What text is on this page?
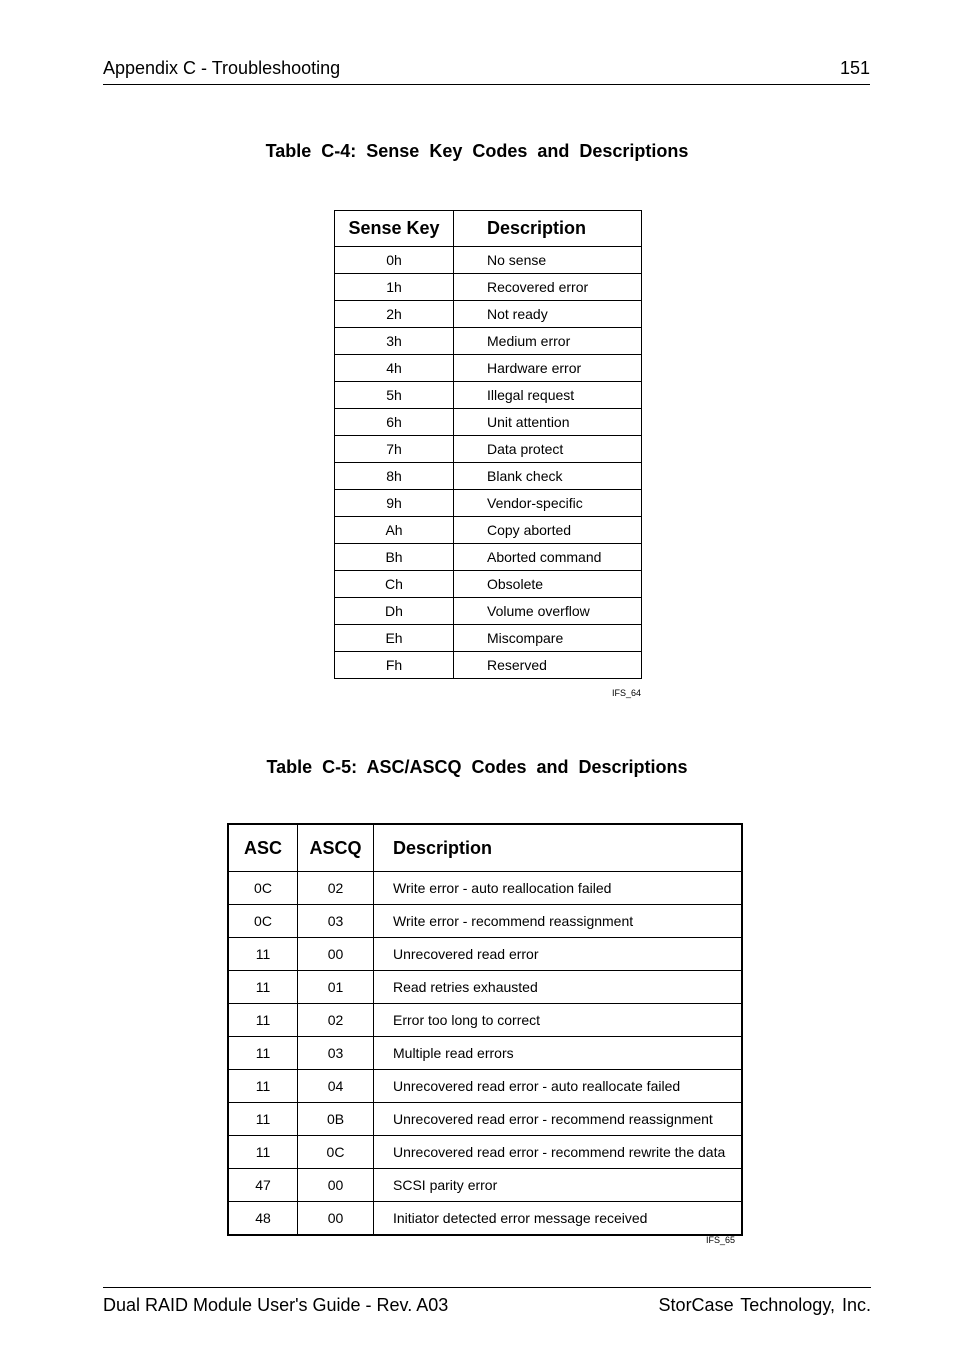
Appendix C - Troubleshooting	151
Table C-4: Sense Key Codes and Descriptions
Sense Key	Description
0h	No sense
1h	Recovered error
2h	Not ready
3h	Medium error
4h	Hardware error
5h	Illegal request
6h	Unit attention
7h	Data protect
8h	Blank check
9h	Vendor-specific
Ah	Copy aborted
Bh	Aborted command
Ch	Obsolete
Dh	Volume overflow
Eh	Miscompare
Fh	Reserved
IFS_64
Table C-5: ASC/ASCQ Codes and Descriptions
ASC	ASCQ	Description
0C	02	Write error - auto reallocation failed
0C	03	Write error - recommend reassignment
11	00	Unrecovered read error
11	01	Read retries exhausted
11	02	Error too long to correct
11	03	Multiple read errors
11	04	Unrecovered read error - auto reallocate failed
11	0B	Unrecovered read error - recommend reassignment
11	0C	Unrecovered read error - recommend rewrite the data
47	00	SCSI parity error
48	00	Initiator detected error message received
IFS_65
Dual RAID Module User's Guide - Rev. A03	StorCase Technology, Inc.
